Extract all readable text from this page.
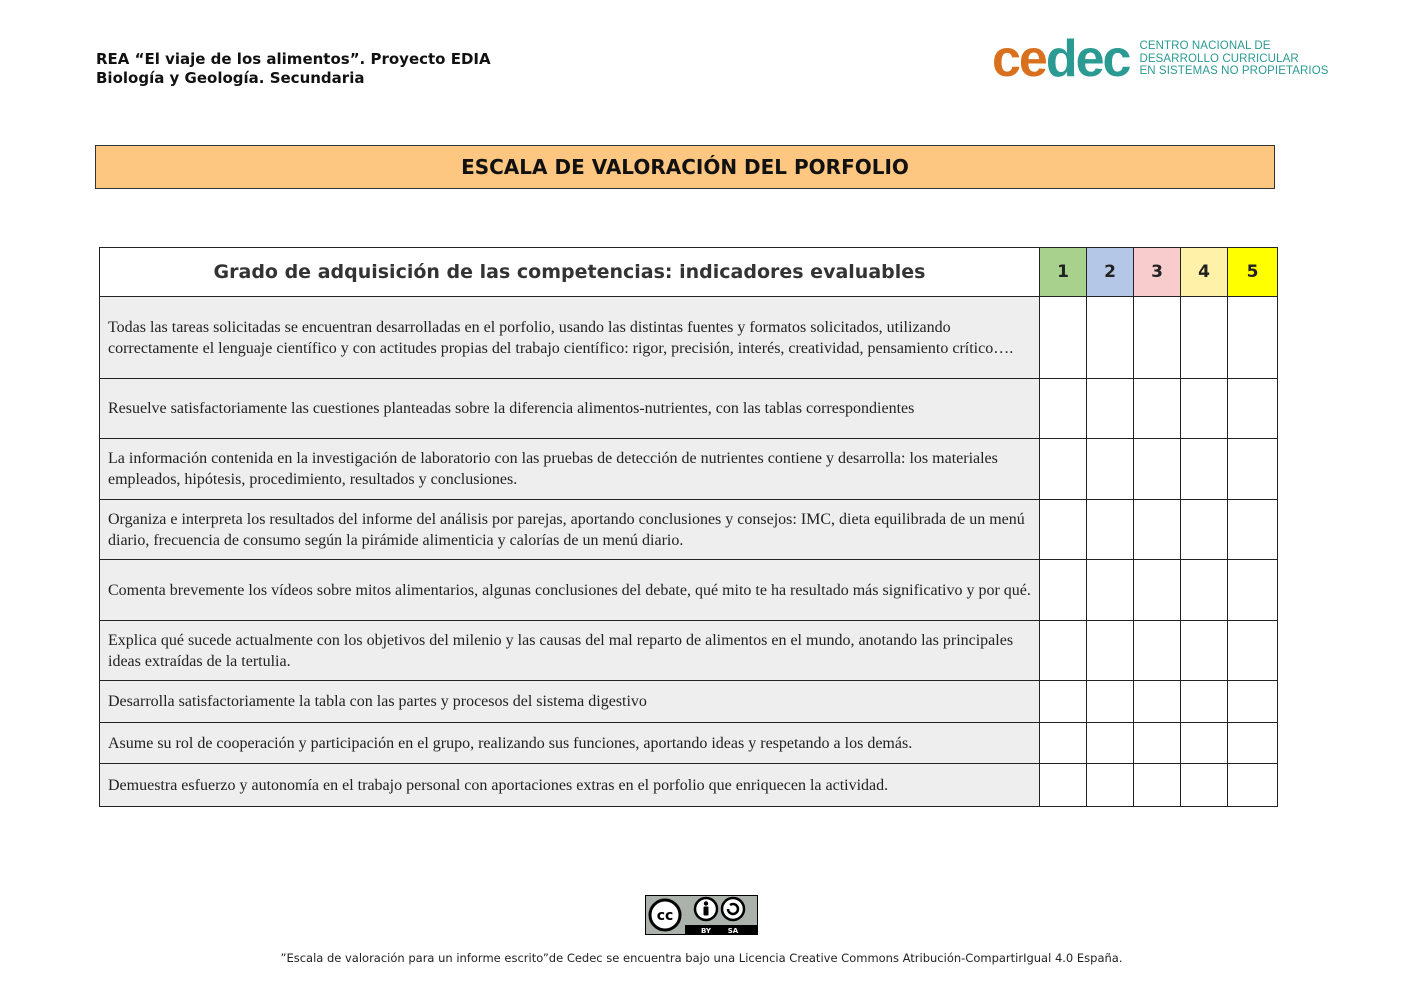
REA “El viaje de los alimentos”. Proyecto EDIA
Biología y Geología. Secundaria	cedec CENTRO NACIONAL DE
DESARROLLO CURRICULAR
EN SISTEMAS NO PROPIETARIOS
ESCALA DE VALORACIÓN DEL PORFOLIO
Grado de adquisición de las competencias: indicadores evaluables	1	2	3	4	5
Todas las tareas solicitadas se encuentran desarrolladas en el porfolio, usando las distintas fuentes y formatos solicitados, utilizando correctamente el lenguaje científico y con actitudes propias del trabajo científico: rigor, precisión, interés, creatividad, pensamiento crítico….					
Resuelve satisfactoriamente las cuestiones planteadas sobre la diferencia alimentos-nutrientes, con las tablas correspondientes					
La información contenida en la investigación de laboratorio con las pruebas de detección de nutrientes contiene y desarrolla: los materiales empleados, hipótesis, procedimiento, resultados y conclusiones.					
Organiza e interpreta los resultados del informe del análisis por parejas, aportando conclusiones y consejos: IMC, dieta equilibrada de un menú diario, frecuencia de consumo según la pirámide alimenticia y calorías de un menú diario.					
Comenta brevemente los vídeos sobre mitos alimentarios, algunas conclusiones del debate, qué mito te ha resultado más significativo y por qué.					
Explica qué sucede actualmente con los objetivos del milenio y las causas del mal reparto de alimentos en el mundo, anotando las principales ideas extraídas de la tertulia.					
Desarrolla satisfactoriamente la tabla con las partes y procesos del sistema digestivo					
Asume su rol de cooperación y participación en el grupo, realizando sus funciones, aportando ideas y respetando a los demás.					
Demuestra esfuerzo y autonomía en el trabajo personal con aportaciones extras en el porfolio que enriquecen la actividad.					
cc
BY SA
”Escala de valoración para un informe escrito”de Cedec se encuentra bajo una Licencia Creative Commons Atribución-CompartirIgual 4.0 España.
